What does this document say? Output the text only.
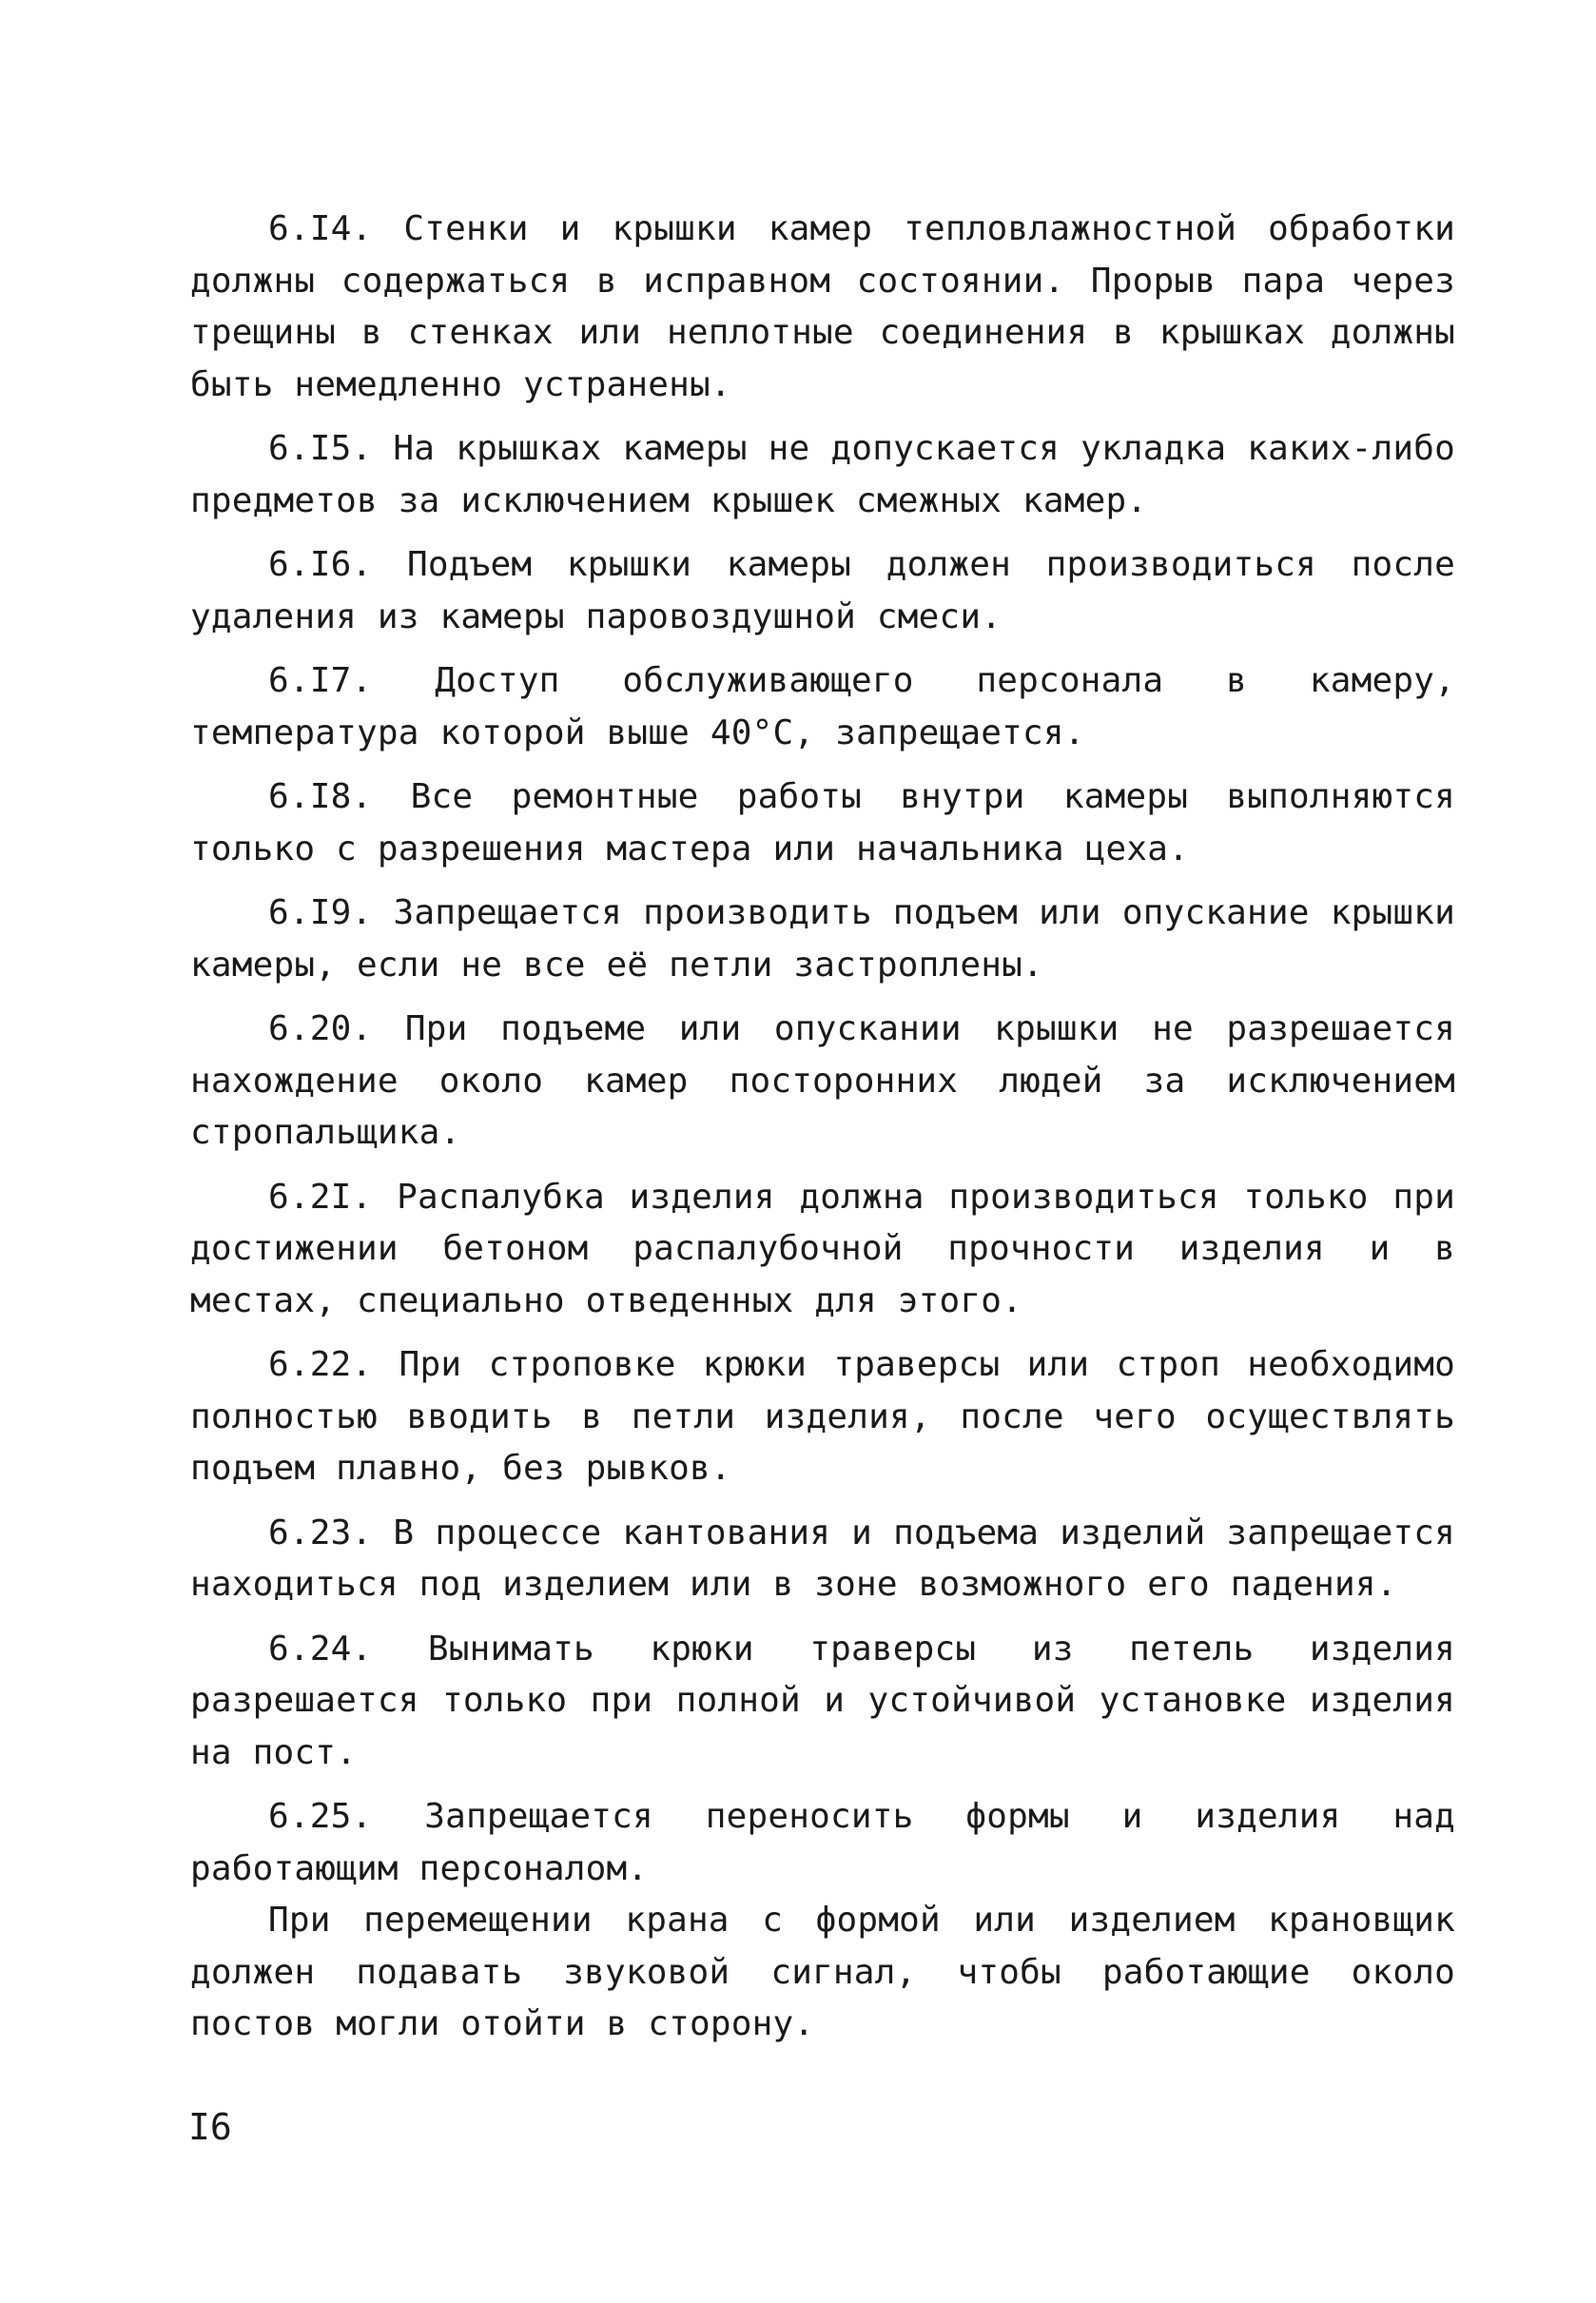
6.I4. Стенки и крышки камер тепловлажностной обработки должны содержаться в исправном состоянии. Прорыв пара через трещины в стенках или неплотные соединения в крышках должны быть немедленно устранены.

6.I5. На крышках камеры не допускается укладка каких-либо предметов за исключением крышек смежных камер.

6.I6. Подъем крышки камеры должен производиться после удаления из камеры паровоздушной смеси.

6.I7. Доступ обслуживающего персонала в камеру, температура которой выше 40°С, запрещается.

6.I8. Все ремонтные работы внутри камеры выполняются только с разрешения мастера или начальника цеха.

6.I9. Запрещается производить подъем или опускание крышки камеры, если не все её петли застроплены.

6.20. При подъеме или опускании крышки не разрешается нахождение около камер посторонних людей за исключением стропальщика.

6.2I. Распалубка изделия должна производиться только при достижении бетоном распалубочной прочности изделия и в местах, специально отведенных для этого.

6.22. При строповке крюки траверсы или строп необходимо полностью вводить в петли изделия, после чего осуществлять подъем плавно, без рывков.

6.23. В процессе кантования и подъема изделий запрещается находиться под изделием или в зоне возможного его падения.

6.24. Вынимать крюки траверсы из петель изделия разрешается только при полной и устойчивой установке изделия на пост.

6.25. Запрещается переносить формы и изделия над работающим персоналом.

При перемещении крана с формой или изделием крановщик должен подавать звуковой сигнал, чтобы работающие около постов могли отойти в сторону.

I6
